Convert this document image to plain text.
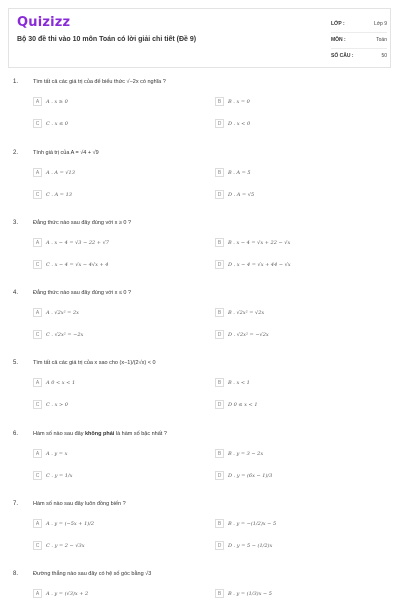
Quizizz
Bộ 30 đề thi vào 10 môn Toán có lời giải chi tiết (Đề 9)
LỚP :	Lớp 9
MÔN :	Toán
SỐ CÂU :	50
1.	Tìm tất cả các giá trị của để biểu thức √−2x có nghĩa ?
A	A . x ≥ 0	B	B . x = 0
C	C . x ≤ 0	D	D . x < 0
2.	Tính giá trị của A = √4 + √9
A	A . A = √13	B	B . A = 5
C	C . A = 13	D	D . A = √5
3.	Đẳng thức nào sau đây đúng với x ≥ 0 ?
A	A . x − 4 = √3 − 22 + √7	B	B . x − 4 = √x + 22 − √x
C	C . x − 4 = √x − 4√x + 4	D	D . x − 4 = √x + 44 − √x
4.	Đẳng thức nào sau đây đúng với x ≤ 0 ?
A	A . √2x² = 2x	B	B . √2x² = √2x
C	C . √2x² = −2x	D	D . √2x² = −√2x
5.	Tìm tất cả các giá trị của x sao cho (x−1)/(2√x) < 0
A	A 0 < x < 1	B	B . x < 1
C	C . x > 0	D	D 0 ≤ x < 1
6.	Hàm số nào sau đây không phải là hàm số bậc nhất ?
A	A . y = x	B	B . y = 3 − 2x
C	C . y = 1/x	D	D . y = (6x − 1)/3
7.	Hàm số nào sau đây luôn đồng biến ?
A	A . y = (−5x + 1)/2	B	B . y = −(1/2)x − 5
C	C . y = 2 − √3x	D	D . y = 5 − (1/2)x
8.	Đường thẳng nào sau đây có hệ số góc bằng √3
A	A . y = (√3)x + 2	B	B . y = (1/3)x − 5
